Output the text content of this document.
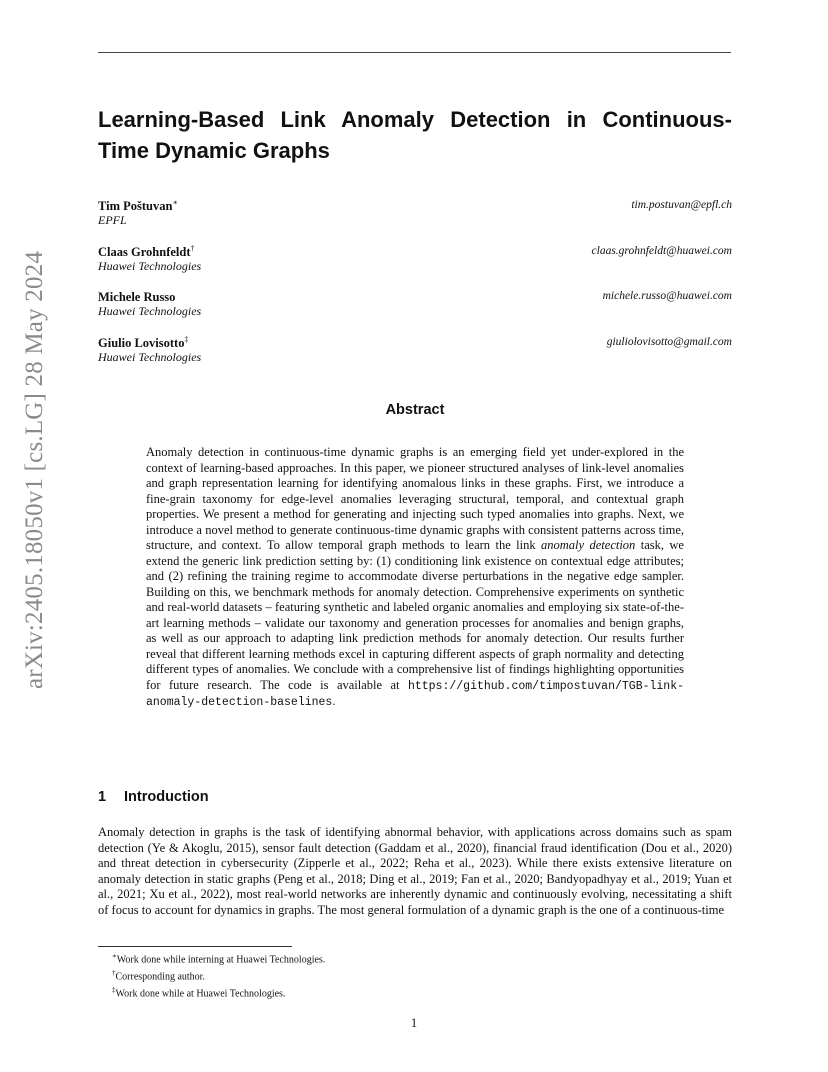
arXiv:2405.18050v1 [cs.LG] 28 May 2024
Learning-Based Link Anomaly Detection in Continuous-Time Dynamic Graphs
Tim Poštuvan∗
EPFL
tim.postuvan@epfl.ch
Claas Grohnfeldt†
Huawei Technologies
claas.grohnfeldt@huawei.com
Michele Russo
Huawei Technologies
michele.russo@huawei.com
Giulio Lovisotto‡
Huawei Technologies
giuliolovisotto@gmail.com
Abstract

Anomaly detection in continuous-time dynamic graphs is an emerging field yet under-explored in the context of learning-based approaches. In this paper, we pioneer structured analyses of link-level anomalies and graph representation learning for identifying anomalous links in these graphs. First, we introduce a fine-grain taxonomy for edge-level anomalies leveraging structural, temporal, and contextual graph properties. We present a method for generating and injecting such typed anomalies into graphs. Next, we introduce a novel method to generate continuous-time dynamic graphs with consistent patterns across time, structure, and context. To allow temporal graph methods to learn the link anomaly detection task, we extend the generic link prediction setting by: (1) conditioning link existence on contextual edge attributes; and (2) refining the training regime to accommodate diverse perturbations in the negative edge sampler. Building on this, we benchmark methods for anomaly detection. Comprehensive experiments on synthetic and real-world datasets – featuring synthetic and labeled organic anomalies and employing six state-of-the-art learning methods – validate our taxonomy and generation processes for anomalies and benign graphs, as well as our approach to adapting link prediction methods for anomaly detection. Our results further reveal that different learning methods excel in capturing different aspects of graph normality and detecting different types of anomalies. We conclude with a comprehensive list of findings highlighting opportunities for future research. The code is available at https://github.com/timpostuvan/TGB-link-anomaly-detection-baselines.

1 Introduction

Anomaly detection in graphs is the task of identifying abnormal behavior, with applications across domains such as spam detection (Ye & Akoglu, 2015), sensor fault detection (Gaddam et al., 2020), financial fraud identification (Dou et al., 2020) and threat detection in cybersecurity (Zipperle et al., 2022; Reha et al., 2023). While there exists extensive literature on anomaly detection in static graphs (Peng et al., 2018; Ding et al., 2019; Fan et al., 2020; Bandyopadhyay et al., 2019; Yuan et al., 2021; Xu et al., 2022), most real-world networks are inherently dynamic and continuously evolving, necessitating a shift of focus to account for dynamics in graphs. The most general formulation of a dynamic graph is the one of a continuous-time

∗Work done while interning at Huawei Technologies.
†Corresponding author.
‡Work done while at Huawei Technologies.
1
